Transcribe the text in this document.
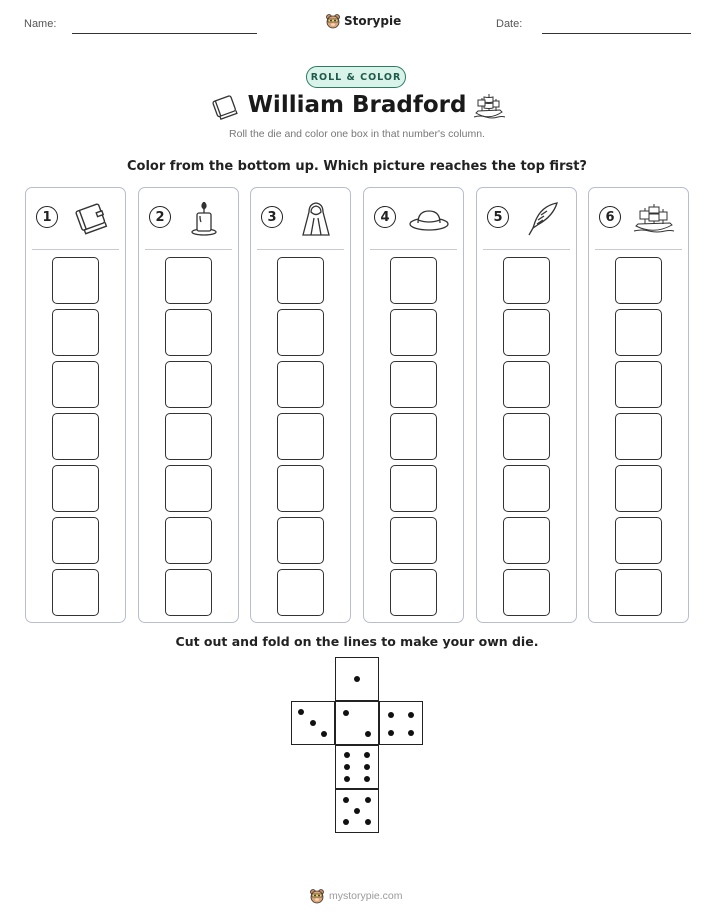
Name:	Storypie	Date:
ROLL & COLOR
William Bradford
Roll the die and color one box in that number's column.
Color from the bottom up. Which picture reaches the top first?
1	2	3	4	5	6
Cut out and fold on the lines to make your own die.
mystorypie.com
